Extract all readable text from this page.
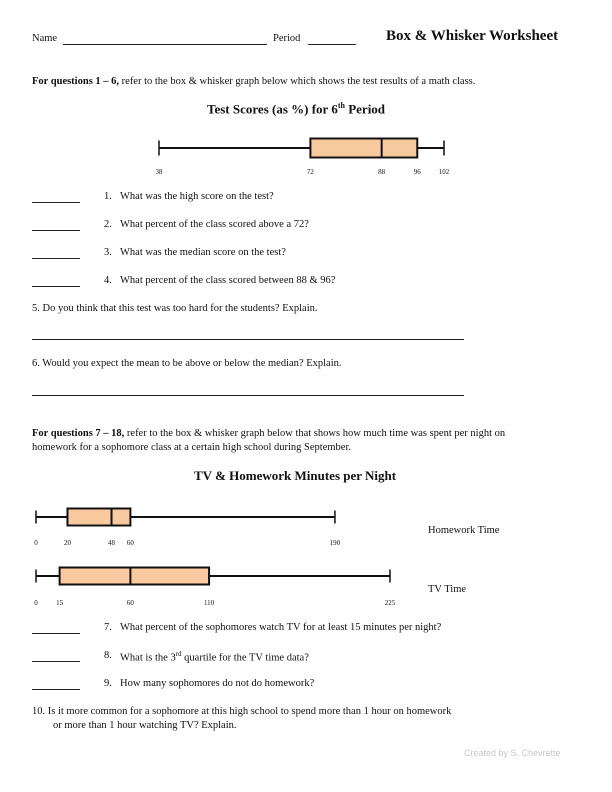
Name	Period	Box & Whisker Worksheet
For questions 1 – 6, refer to the box & whisker graph below which shows the test results of a math class.
Test Scores (as %) for 6th Period
38	72	88	96	102
1. What was the high score on the test?
2. What percent of the class scored above a 72?
3. What was the median score on the test?
4. What percent of the class scored between 88 & 96?
5. Do you think that this test was too hard for the students? Explain.
6. Would you expect the mean to be above or below the median? Explain.
For questions 7 – 18, refer to the box & whisker graph below that shows how much time was spent per night on
homework for a sophomore class at a certain high school during September.
TV & Homework Minutes per Night
0	20	48 60	190
0	15	60	110	225
Homework Time
TV Time
7. What percent of the sophomores watch TV for at least 15 minutes per night?
8. What is the 3rd quartile for the TV time data?
9. How many sophomores do not do homework?
10. Is it more common for a sophomore at this high school to spend more than 1 hour on homework
or more than 1 hour watching TV? Explain.
Created by S. Chevrette
